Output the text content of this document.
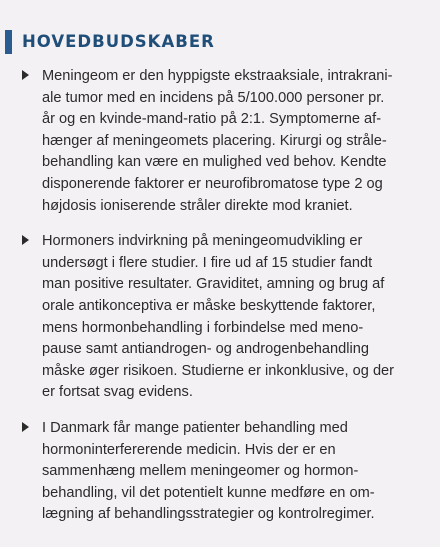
HOVEDBUDSKABER
Meningeom er den hyppigste ekstraaksiale, intrakrani-
ale tumor med en incidens på 5/100.000 personer pr.
år og en kvinde-mand-ratio på 2:1. Symptomerne af-
hænger af meningeomets placering. Kirurgi og stråle-
behandling kan være en mulighed ved behov. Kendte
disponerende faktorer er neurofibromatose type 2 og
højdosis ioniserende stråler direkte mod kraniet.
Hormoners indvirkning på meningeomudvikling er
undersøgt i flere studier. I fire ud af 15 studier fandt
man positive resultater. Graviditet, amning og brug af
orale antikonceptiva er måske beskyttende faktorer,
mens hormonbehandling i forbindelse med meno-
pause samt antiandrogen- og androgenbehandling
måske øger risikoen. Studierne er inkonklusive, og der
er fortsat svag evidens.
I Danmark får mange patienter behandling med
hormoninterfererende medicin. Hvis der er en
sammenhæng mellem meningeomer og hormon-
behandling, vil det potentielt kunne medføre en om-
lægning af behandlingsstrategier og kontrolregimer.
